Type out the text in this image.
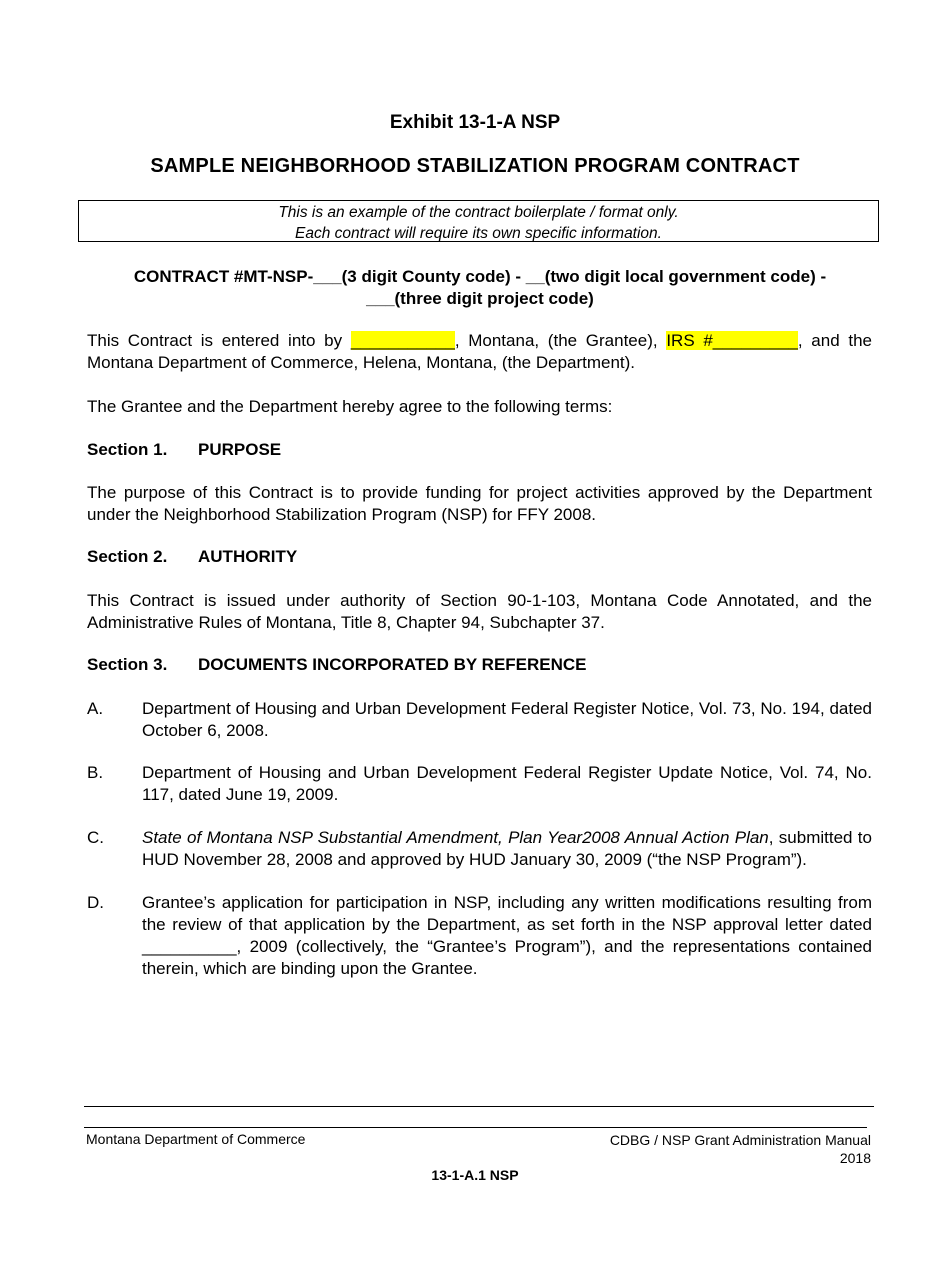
Exhibit 13-1-A NSP
SAMPLE NEIGHBORHOOD STABILIZATION PROGRAM CONTRACT
This is an example of the contract boilerplate / format only.
Each contract will require its own specific information.
CONTRACT #MT-NSP-___(3 digit County code) - __(two digit local government code) -
___(three digit project code)
This Contract is entered into by ___________, Montana, (the Grantee), IRS #_________, and the Montana Department of Commerce, Helena, Montana, (the Department).
The Grantee and the Department hereby agree to the following terms:
Section 1. PURPOSE
The purpose of this Contract is to provide funding for project activities approved by the Department under the Neighborhood Stabilization Program (NSP) for FFY 2008.
Section 2. AUTHORITY
This Contract is issued under authority of Section 90-1-103, Montana Code Annotated, and the Administrative Rules of Montana, Title 8, Chapter 94, Subchapter 37.
Section 3. DOCUMENTS INCORPORATED BY REFERENCE
A. Department of Housing and Urban Development Federal Register Notice, Vol. 73, No. 194, dated October 6, 2008.
B. Department of Housing and Urban Development Federal Register Update Notice, Vol. 74, No. 117, dated June 19, 2009.
C. State of Montana NSP Substantial Amendment, Plan Year2008 Annual Action Plan, submitted to HUD November 28, 2008 and approved by HUD January 30, 2009 (“the NSP Program”).
D. Grantee’s application for participation in NSP, including any written modifications resulting from the review of that application by the Department, as set forth in the NSP approval letter dated __________, 2009 (collectively, the “Grantee’s Program”), and the representations contained therein, which are binding upon the Grantee.
Montana Department of Commerce	CDBG / NSP Grant Administration Manual
2018
13-1-A.1 NSP
